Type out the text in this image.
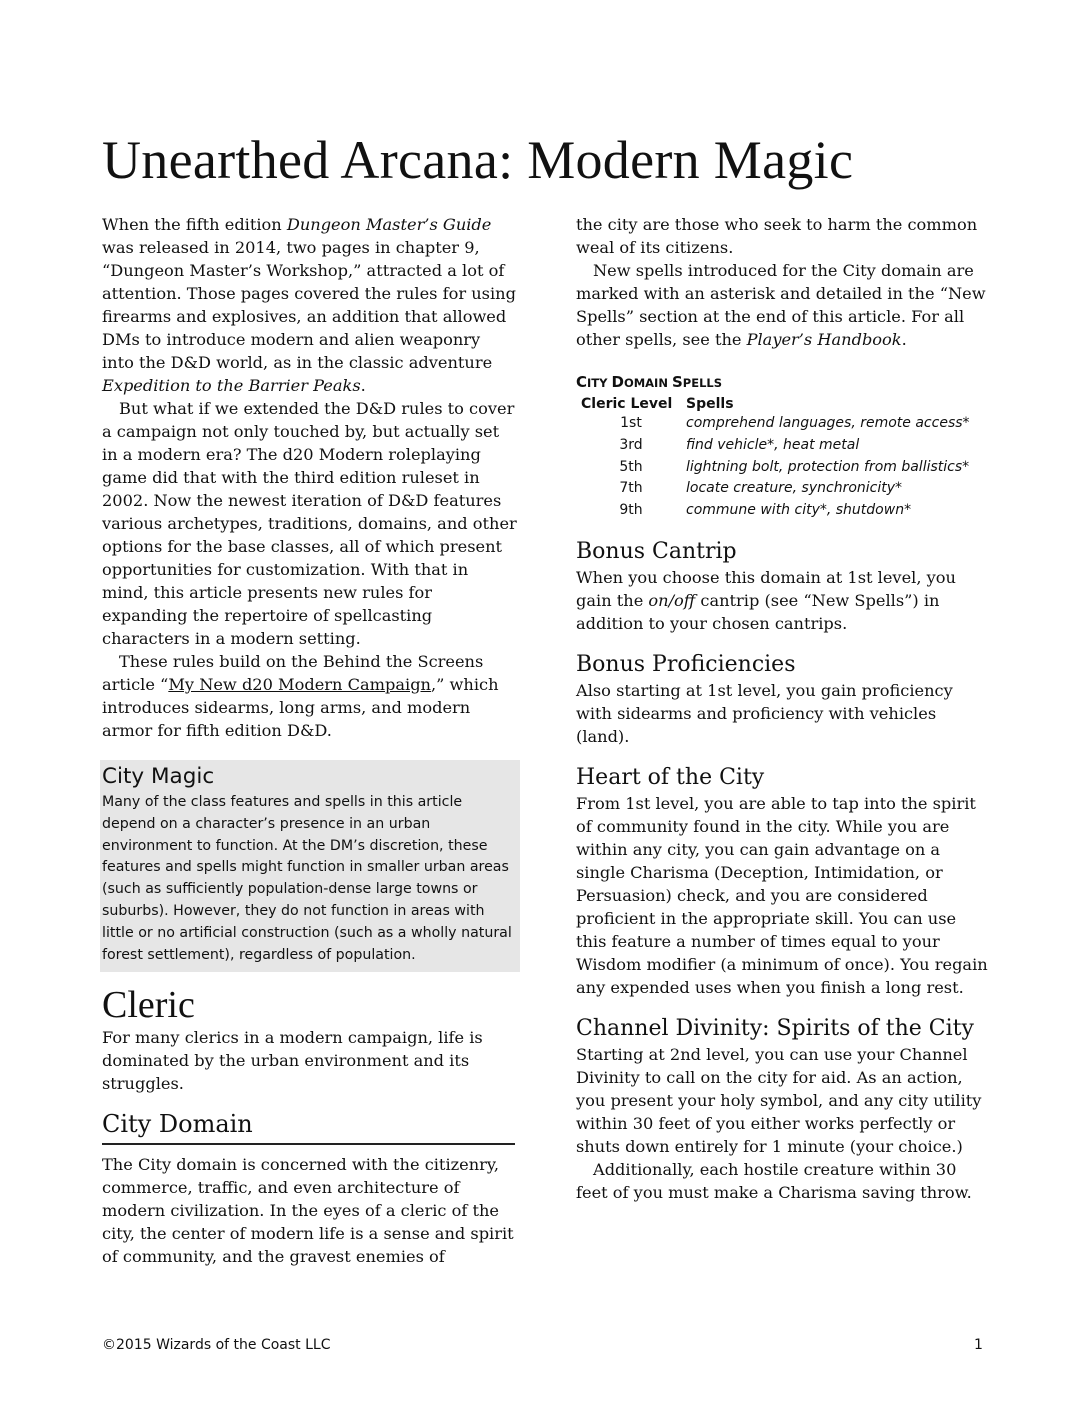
Unearthed Arcana: Modern Magic

When the fifth edition Dungeon Master’s Guide was released in 2014, two pages in chapter 9, “Dungeon Master’s Workshop,” attracted a lot of attention. Those pages covered the rules for using firearms and explosives, an addition that allowed DMs to introduce modern and alien weaponry into the D&D world, as in the classic adventure Expedition to the Barrier Peaks.

But what if we extended the D&D rules to cover a campaign not only touched by, but actually set in a modern era? The d20 Modern roleplaying game did that with the third edition ruleset in 2002. Now the newest iteration of D&D features various archetypes, traditions, domains, and other options for the base classes, all of which present opportunities for customization. With that in mind, this article presents new rules for expanding the repertoire of spellcasting characters in a modern setting.

These rules build on the Behind the Screens article “My New d20 Modern Campaign,” which introduces sidearms, long arms, and modern armor for fifth edition D&D.

City Magic

Many of the class features and spells in this article depend on a character’s presence in an urban environment to function. At the DM’s discretion, these features and spells might function in smaller urban areas (such as sufficiently population-dense large towns or suburbs). However, they do not function in areas with little or no artificial construction (such as a wholly natural forest settlement), regardless of population.

Cleric

For many clerics in a modern campaign, life is dominated by the urban environment and its struggles.

City Domain

The City domain is concerned with the citizenry, commerce, traffic, and even architecture of modern civilization. In the eyes of a cleric of the city, the center of modern life is a sense and spirit of community, and the gravest enemies of

the city are those who seek to harm the common weal of its citizens.

New spells introduced for the City domain are marked with an asterisk and detailed in the “New Spells” section at the end of this article. For all other spells, see the Player’s Handbook.

CITY DOMAIN SPELLS
Cleric Level	Spells
1st	comprehend languages, remote access*
3rd	find vehicle*, heat metal
5th	lightning bolt, protection from ballistics*
7th	locate creature, synchronicity*
9th	commune with city*, shutdown*
Bonus Cantrip

When you choose this domain at 1st level, you gain the on/off cantrip (see “New Spells”) in addition to your chosen cantrips.

Bonus Proficiencies

Also starting at 1st level, you gain proficiency with sidearms and proficiency with vehicles (land).

Heart of the City

From 1st level, you are able to tap into the spirit of community found in the city. While you are within any city, you can gain advantage on a single Charisma (Deception, Intimidation, or Persuasion) check, and you are considered proficient in the appropriate skill. You can use this feature a number of times equal to your Wisdom modifier (a minimum of once). You regain any expended uses when you finish a long rest.

Channel Divinity: Spirits of the City

Starting at 2nd level, you can use your Channel Divinity to call on the city for aid. As an action, you present your holy symbol, and any city utility within 30 feet of you either works perfectly or shuts down entirely for 1 minute (your choice.)

Additionally, each hostile creature within 30 feet of you must make a Charisma saving throw.

©2015 Wizards of the Coast LLC	1
